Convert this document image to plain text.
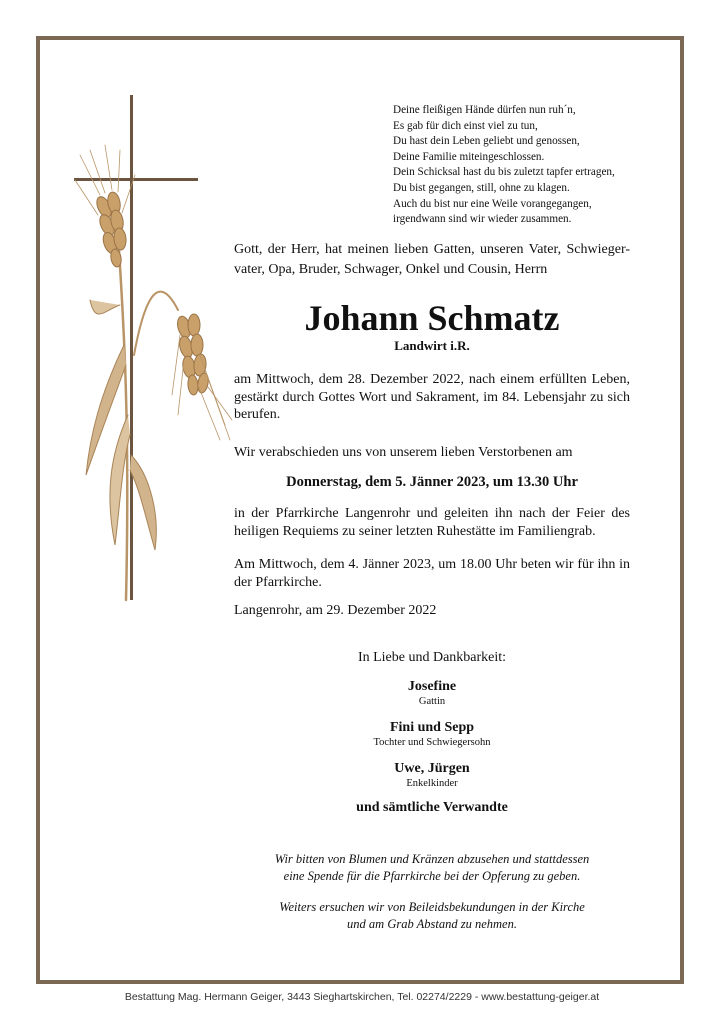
Deine fleißigen Hände dürfen nun ruh´n,
Es gab für dich einst viel zu tun,
Du hast dein Leben geliebt und genossen,
Deine Familie miteingeschlossen.
Dein Schicksal hast du bis zuletzt tapfer ertragen,
Du bist gegangen, still, ohne zu klagen.
Auch du bist nur eine Weile vorangegangen,
irgendwann sind wir wieder zusammen.
Gott, der Herr, hat meinen lieben Gatten, unseren Vater, Schwieger-vater, Opa, Bruder, Schwager, Onkel und Cousin, Herrn
Johann Schmatz
Landwirt i.R.
am Mittwoch, dem 28. Dezember 2022, nach einem erfüllten Leben, gestärkt durch Gottes Wort und Sakrament, im 84. Lebensjahr zu sich berufen.
Wir verabschieden uns von unserem lieben Verstorbenen am
Donnerstag, dem 5. Jänner 2023, um 13.30 Uhr
in der Pfarrkirche Langenrohr und geleiten ihn nach der Feier des heiligen Requiems zu seiner letzten Ruhestätte im Familiengrab.
Am Mittwoch, dem 4. Jänner 2023, um 18.00 Uhr beten wir für ihn in der Pfarrkirche.
Langenrohr, am 29. Dezember 2022
In Liebe und Dankbarkeit:
Josefine
Gattin
Fini und Sepp
Tochter und Schwiegersohn
Uwe, Jürgen
Enkelkinder
und sämtliche Verwandte
Wir bitten von Blumen und Kränzen abzusehen und stattdessen
eine Spende für die Pfarrkirche bei der Opferung zu geben.
Weiters ersuchen wir von Beileidsbekundungen in der Kirche
und am Grab Abstand zu nehmen.
Bestattung Mag. Hermann Geiger, 3443 Sieghartskirchen, Tel. 02274/2229 - www.bestattung-geiger.at
